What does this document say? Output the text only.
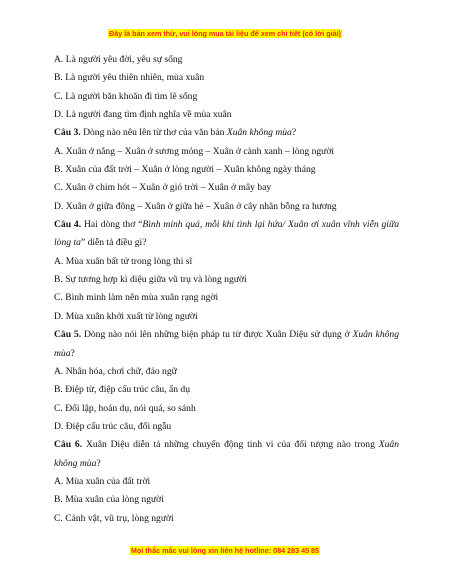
Đây là bản xem thử, vui lòng mua tài liệu để xem chi tiết (có lời giải)
A. Là người yêu đời, yêu sự sống
B. Là người yêu thiên nhiên, mùa xuân
C. Là người băn khoăn đi tìm lẽ sống
D. Là người đang tìm định nghĩa về mùa xuân
Câu 3. Dòng nào nêu lên từ thơ của văn bản Xuân không mùa?
A. Xuân ở nắng – Xuân ở sương mỏng – Xuân ở cành xanh – lòng người
B. Xuân của đất trời – Xuân ở lòng người – Xuân không ngày tháng
C. Xuân ở chim hót – Xuân ở gió trời – Xuân ở mây bay
D. Xuân ở giữa đông – Xuân ở giữa hè – Xuân ở cây nhãn bỗng ra hương
Câu 4. Hai dòng thơ “Bình minh quá, mỗi khi tình lại hứa/ Xuân ơi xuân vĩnh viễn giữa lòng ta” diễn tả điều gì?
A. Mùa xuân bất tử trong lòng thi sĩ
B. Sự tương hợp kì diệu giữa vũ trụ và lòng người
C. Bình minh làm nên mùa xuân rạng ngời
D. Mùa xuân khởi xuất từ lòng người
Câu 5. Dòng nào nói lên những biện pháp tu từ được Xuân Diệu sử dụng ở Xuân không mùa?
A. Nhân hóa, chơi chữ, đảo ngữ
B. Điệp từ, điệp cấu trúc câu, ẩn dụ
C. Đối lập, hoán dụ, nói quá, so sánh
D. Điệp cấu trúc câu, đối ngẫu
Câu 6. Xuân Diệu diễn tả những chuyển động tinh vi của đối tượng nào trong Xuân không mùa?
A. Mùa xuân của đất trời
B. Mùa xuân của lòng người
C. Cảnh vật, vũ trụ, lòng người
Mọi thắc mắc vui lòng xin liên hệ hotline: 084 283 45 85
